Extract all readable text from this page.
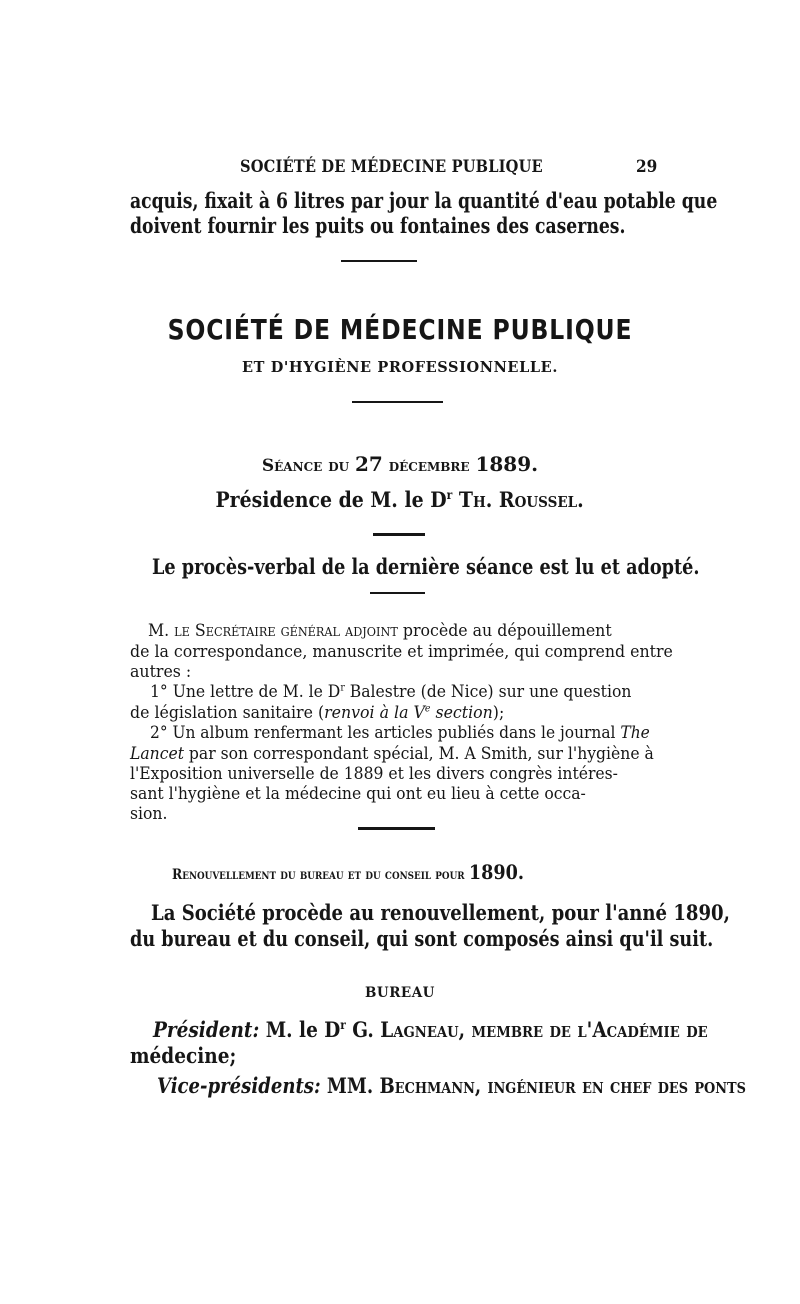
SOCIÉTÉ DE MÉDECINE PUBLIQUE	29
acquis, fixait à 6 litres par jour la quantité d'eau potable que
doivent fournir les puits ou fontaines des casernes.
SOCIÉTÉ DE MÉDECINE PUBLIQUE
ET D'HYGIÈNE PROFESSIONNELLE.
Séance du 27 décembre 1889.
Présidence de M. le $D^r$ Th. Roussel.
Le procès-verbal de la dernière séance est lu et adopté.
M. le Secrétaire général adjoint procède au dépouillement
de la correspondance, manuscrite et imprimée, qui comprend entre
autres :
1° Une lettre de M. le $D^r$ Balestre (de Nice) sur une question
de législation sanitaire (renvoi à la Ve section);
2° Un album renfermant les articles publiés dans le journal The
Lancet par son correspondant spécial, M. A Smith, sur l'hygiène à
l'Exposition universelle de 1889 et les divers congrès intéres-
sant l'hygiène et la médecine qui ont eu lieu à cette occa-
sion.
Renouvellement du bureau et du conseil pour 1890.
La Société procède au renouvellement, pour l'anné 1890,
du bureau et du conseil, qui sont composés ainsi qu'il suit.
BUREAU
Président: M. le $D^r$ G. Lagneau, membre de l'Académie de
médecine;
Vice-présidents: MM. Bechmann, ingénieur en chef des ponts
